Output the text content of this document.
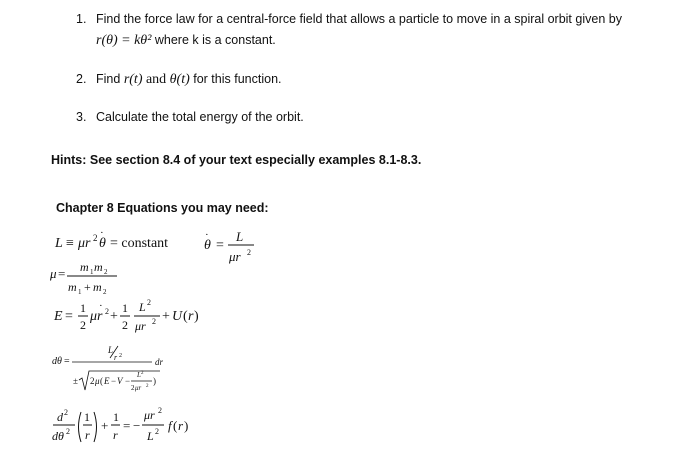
1. Find the force law for a central-force field that allows a particle to move in a spiral orbit given by
r(θ) = kθ² where k is a constant.
2. Find r(t) and θ(t) for this function.
3. Calculate the total energy of the orbit.
Hints: See section 8.4 of your text especially examples 8.1-8.3.
Chapter 8 Equations you may need:
L ≡ μr 2 θ
·
= constant	θ
·
=
L
μr 2
μ = m 1 m 2
m 1 + m 2
E =
1
2
μr
· 2 +
1
2
L 2
μr 2 + U ( r )
dθ =
L
r 2
dr
± 2 μ ( E − V −
L 2
2 μr 2
)
d 2
dθ 2
1
r
+
1
r
= −
μr 2
L 2 f ( r )
